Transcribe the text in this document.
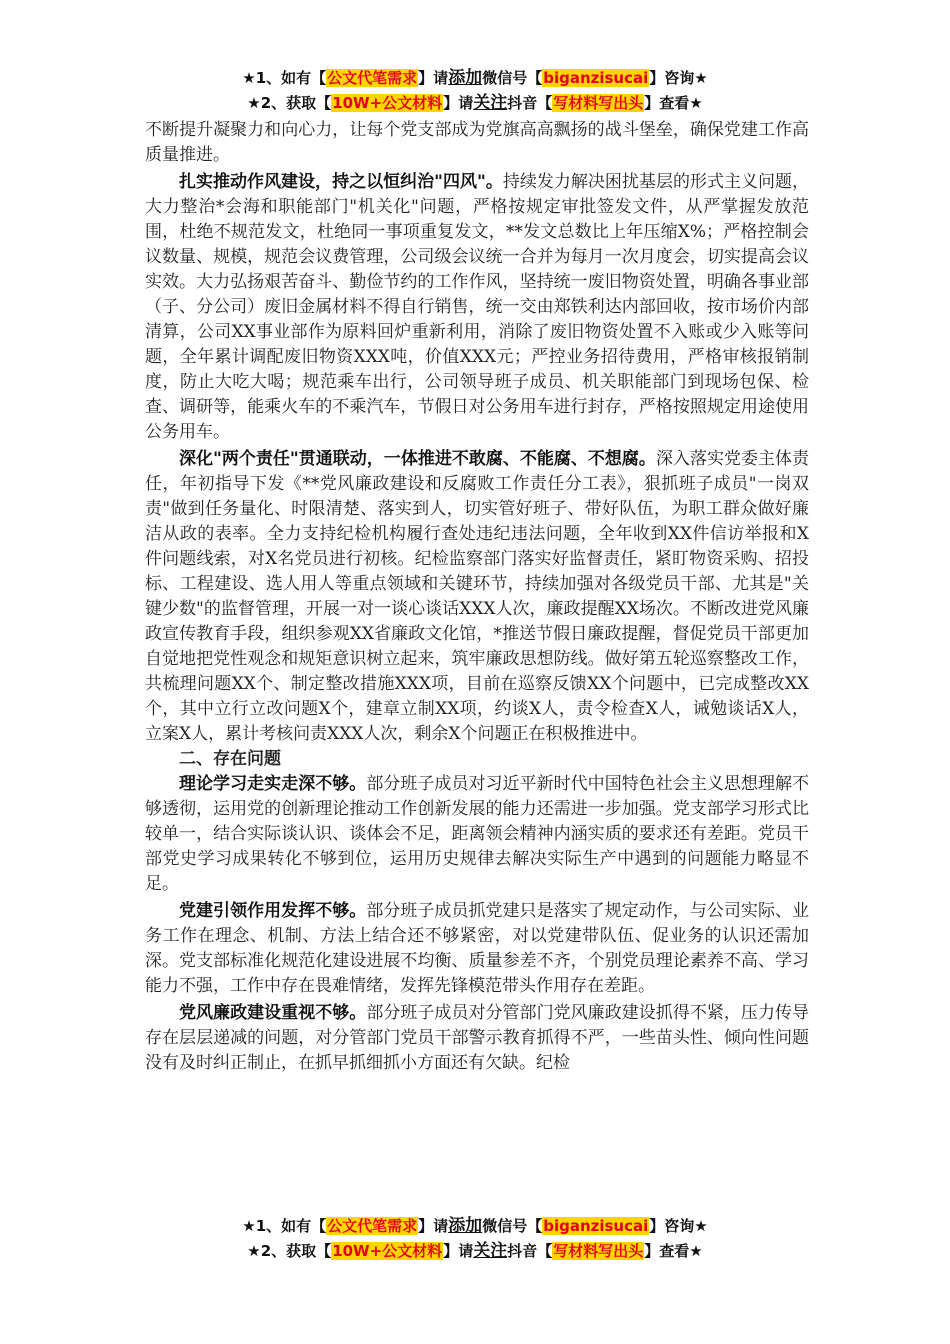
★1、如有【公文代笔需求】请添加微信号【biganzisucai】咨询★
★2、获取【10W+公文材料】请关注抖音【写材料写出头】查看★

不断提升凝聚力和向心力，让每个党支部成为党旗高高飘扬的战斗堡垒，确保党建工作高质量推进。

扎实推动作风建设，持之以恒纠治"四风"。持续发力解决困扰基层的形式主义问题，大力整治*会海和职能部门"机关化"问题，严格按规定审批签发文件，从严掌握发放范围，杜绝不规范发文，杜绝同一事项重复发文，**发文总数比上年压缩X%；严格控制会议数量、规模，规范会议费管理，公司级会议统一合并为每月一次月度会，切实提高会议实效。大力弘扬艰苦奋斗、勤俭节约的工作作风，坚持统一废旧物资处置，明确各事业部（子、分公司）废旧金属材料不得自行销售，统一交由郑铁利达内部回收，按市场价内部清算，公司XX事业部作为原料回炉重新利用，消除了废旧物资处置不入账或少入账等问题，全年累计调配废旧物资XXX吨，价值XXX元；严控业务招待费用，严格审核报销制度，防止大吃大喝；规范乘车出行，公司领导班子成员、机关职能部门到现场包保、检查、调研等，能乘火车的不乘汽车，节假日对公务用车进行封存，严格按照规定用途使用公务用车。

深化"两个责任"贯通联动，一体推进不敢腐、不能腐、不想腐。深入落实党委主体责任，年初指导下发《**党风廉政建设和反腐败工作责任分工表》，狠抓班子成员"一岗双责"做到任务量化、时限清楚、落实到人，切实管好班子、带好队伍，为职工群众做好廉洁从政的表率。全力支持纪检机构履行查处违纪违法问题，全年收到XX件信访举报和X件问题线索，对X名党员进行初核。纪检监察部门落实好监督责任，紧盯物资采购、招投标、工程建设、选人用人等重点领域和关键环节，持续加强对各级党员干部、尤其是"关键少数"的监督管理，开展一对一谈心谈话XXX人次，廉政提醒XX场次。不断改进党风廉政宣传教育手段，组织参观XX省廉政文化馆，*推送节假日廉政提醒，督促党员干部更加自觉地把党性观念和规矩意识树立起来，筑牢廉政思想防线。做好第五轮巡察整改工作，共梳理问题XX个、制定整改措施XXX项，目前在巡察反馈XX个问题中，已完成整改XX个，其中立行立改问题X个，建章立制XX项，约谈X人，责令检查X人，诫勉谈话X人，立案X人，累计考核问责XXX人次，剩余X个问题正在积极推进中。

二、存在问题

理论学习走实走深不够。部分班子成员对习近平新时代中国特色社会主义思想理解不够透彻，运用党的创新理论推动工作创新发展的能力还需进一步加强。党支部学习形式比较单一，结合实际谈认识、谈体会不足，距离领会精神内涵实质的要求还有差距。党员干部党史学习成果转化不够到位，运用历史规律去解决实际生产中遇到的问题能力略显不足。

党建引领作用发挥不够。部分班子成员抓党建只是落实了规定动作，与公司实际、业务工作在理念、机制、方法上结合还不够紧密，对以党建带队伍、促业务的认识还需加深。党支部标准化规范化建设进展不均衡、质量参差不齐，个别党员理论素养不高、学习能力不强，工作中存在畏难情绪，发挥先锋模范带头作用存在差距。

党风廉政建设重视不够。部分班子成员对分管部门党风廉政建设抓得不紧，压力传导存在层层递减的问题，对分管部门党员干部警示教育抓得不严，一些苗头性、倾向性问题没有及时纠正制止，在抓早抓细抓小方面还有欠缺。纪检

★1、如有【公文代笔需求】请添加微信号【biganzisucai】咨询★
★2、获取【10W+公文材料】请关注抖音【写材料写出头】查看★
